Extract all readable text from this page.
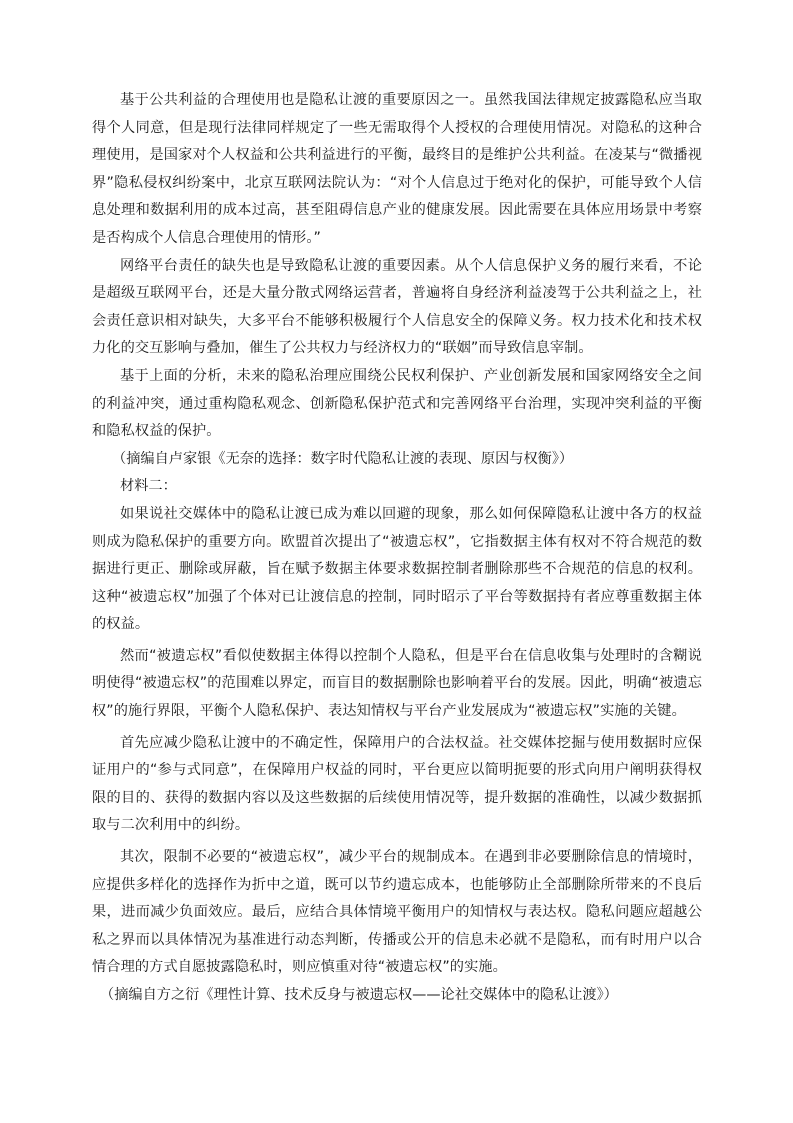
基于公共利益的合理使用也是隐私让渡的重要原因之一。虽然我国法律规定披露隐私应当取得个人同意，但是现行法律同样规定了一些无需取得个人授权的合理使用情况。对隐私的这种合理使用，是国家对个人权益和公共利益进行的平衡，最终目的是维护公共利益。在凌某与“微播视界”隐私侵权纠纷案中，北京互联网法院认为：“对个人信息过于绝对化的保护，可能导致个人信息处理和数据利用的成本过高，甚至阻碍信息产业的健康发展。因此需要在具体应用场景中考察是否构成个人信息合理使用的情形。”

网络平台责任的缺失也是导致隐私让渡的重要因素。从个人信息保护义务的履行来看，不论是超级互联网平台，还是大量分散式网络运营者，普遍将自身经济利益凌驾于公共利益之上，社会责任意识相对缺失，大多平台不能够积极履行个人信息安全的保障义务。权力技术化和技术权力化的交互影响与叠加，催生了公共权力与经济权力的“联姻”而导致信息宰制。

基于上面的分析，未来的隐私治理应围绕公民权利保护、产业创新发展和国家网络安全之间的利益冲突，通过重构隐私观念、创新隐私保护范式和完善网络平台治理，实现冲突利益的平衡和隐私权益的保护。

（摘编自卢家银《无奈的选择：数字时代隐私让渡的表现、原因与权衡》）

材料二：

如果说社交媒体中的隐私让渡已成为难以回避的现象，那么如何保障隐私让渡中各方的权益则成为隐私保护的重要方向。欧盟首次提出了“被遗忘权”，它指数据主体有权对不符合规范的数据进行更正、删除或屏蔽，旨在赋予数据主体要求数据控制者删除那些不合规范的信息的权利。这种“被遗忘权”加强了个体对已让渡信息的控制，同时昭示了平台等数据持有者应尊重数据主体的权益。

然而“被遗忘权”看似使数据主体得以控制个人隐私，但是平台在信息收集与处理时的含糊说明使得“被遗忘权”的范围难以界定，而盲目的数据删除也影响着平台的发展。因此，明确“被遗忘权”的施行界限，平衡个人隐私保护、表达知情权与平台产业发展成为“被遗忘权”实施的关键。

首先应减少隐私让渡中的不确定性，保障用户的合法权益。社交媒体挖掘与使用数据时应保证用户的“参与式同意”，在保障用户权益的同时，平台更应以简明扼要的形式向用户阐明获得权限的目的、获得的数据内容以及这些数据的后续使用情况等，提升数据的准确性，以减少数据抓取与二次利用中的纠纷。

其次，限制不必要的“被遗忘权”，减少平台的规制成本。在遇到非必要删除信息的情境时，应提供多样化的选择作为折中之道，既可以节约遗忘成本，也能够防止全部删除所带来的不良后果，进而减少负面效应。最后，应结合具体情境平衡用户的知情权与表达权。隐私问题应超越公私之界而以具体情况为基准进行动态判断，传播或公开的信息未必就不是隐私，而有时用户以合情合理的方式自愿披露隐私时，则应慎重对待“被遗忘权”的实施。

（摘编自方之衍《理性计算、技术反身与被遗忘权——论社交媒体中的隐私让渡》）
